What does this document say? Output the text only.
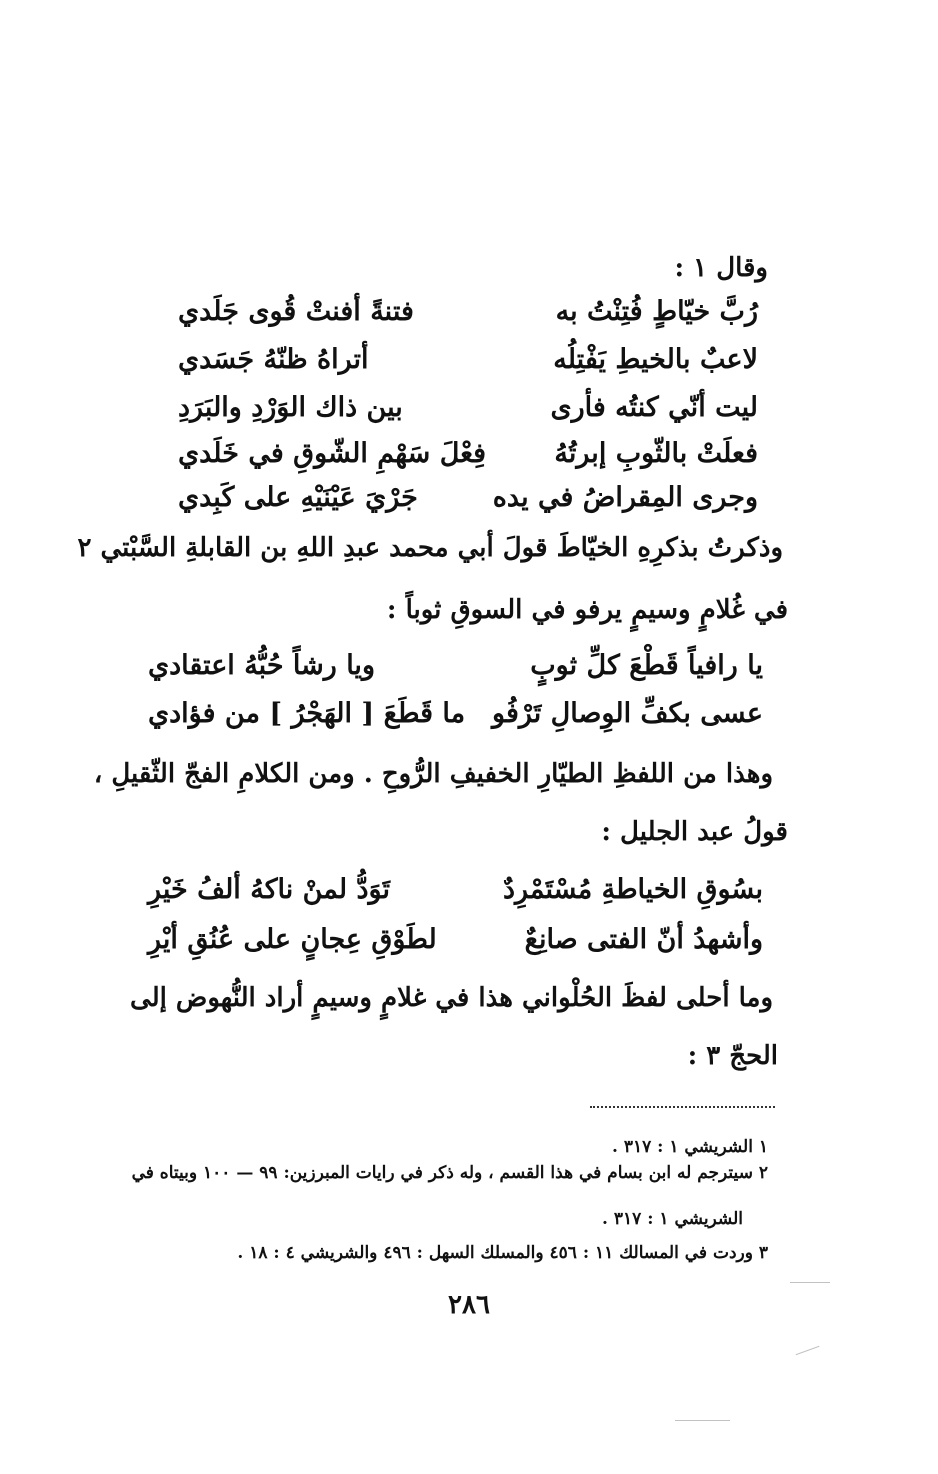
وقال ١ :
رُبَّ خيّاطٍ فُتِنْتُ به
فتنةً أفنتْ قُوى جَلَدي
لاعبٌ بالخيطِ يَفْتِلُه
أتراهُ ظنّهُ جَسَدي
ليت أنّي كنتُه فأرى
بين ذاك الوَرْدِ والبَرَدِ
فعلَتْ بالثّوبِ إبرتُهُ
فِعْلَ سَهْمِ الشّوقِ في خَلَدي
وجرى المِقراضُ في يده
جَرْيَ عَيْنَيْهِ على كَبِدي
وذكرتُ بذكرِهِ الخيّاطَ قولَ أبي محمد عبدِ اللهِ بن القابلةِ السَّبْتي ٢
في غُلامٍ وسيمٍ يرفو في السوقِ ثوباً :
يا رافياً قَطْعَ كلِّ ثوبٍ
ويا رشاً حُبُّهُ اعتقادي
عسى بكفِّ الوِصالِ تَرْفُو
ما قَطَعَ [ الهَجْرُ ] من فؤادي
وهذا من اللفظِ الطيّارِ الخفيفِ الرُّوحِ . ومن الكلامِ الفجّ الثّقيلِ ،
قولُ عبد الجليل :
بسُوقِ الخياطةِ مُسْتَمْرِدٌ
تَوَدُّ لمنْ ناكهُ ألفُ خَيْرِ
وأشهدُ أنّ الفتى صانِعٌ
لطَوْقِ عِجانٍ على عُنُقِ أيْرِ
وما أحلى لفظَ الحُلْواني هذا في غلامٍ وسيمٍ أراد النُّهوض إلى
الحجّ ٣ :
١ الشريشي ١ : ٣١٧ .
٢ سيترجم له ابن بسام في هذا القسم ، وله ذكر في رايات المبرزين: ٩٩ — ١٠٠ وبيتاه في
الشريشي ١ : ٣١٧ .
٣ وردت في المسالك ١١ : ٤٥٦ والمسلك السهل : ٤٩٦ والشريشي ٤ : ١٨ .
٢٨٦
